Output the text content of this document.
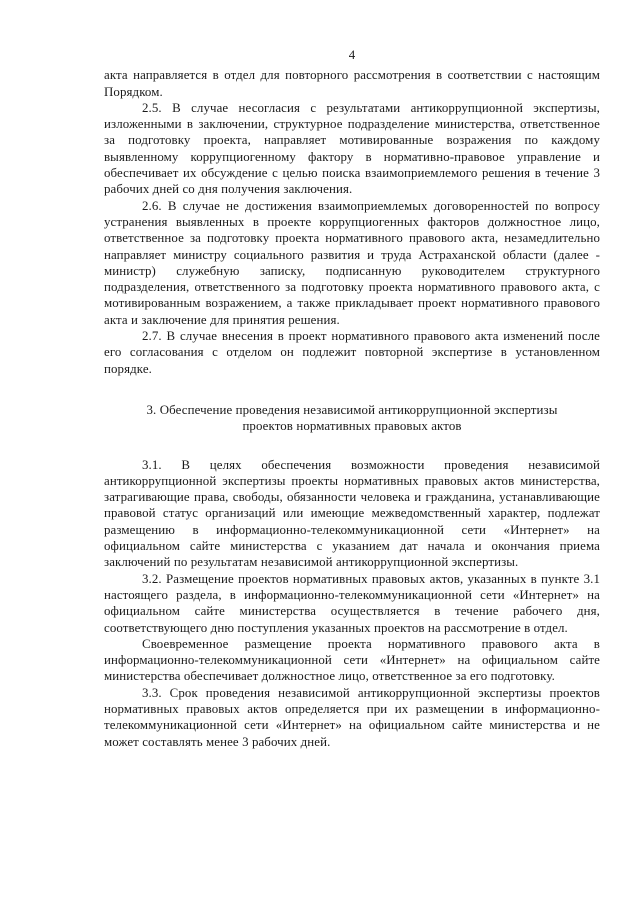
4

акта направляется в отдел для повторного рассмотрения в соответствии с настоящим Порядком.

2.5. В случае несогласия с результатами антикоррупционной экспертизы, изложенными в заключении, структурное подразделение министерства, ответственное за подготовку проекта, направляет мотивированные возражения по каждому выявленному коррупциогенному фактору в нормативно-правовое управление и обеспечивает их обсуждение с целью поиска взаимоприемлемого решения в течение 3 рабочих дней со дня получения заключения.

2.6. В случае не достижения взаимоприемлемых договоренностей по вопросу устранения выявленных в проекте коррупциогенных факторов должностное лицо, ответственное за подготовку проекта нормативного правового акта, незамедлительно направляет министру социального развития и труда Астраханской области (далее - министр) служебную записку, подписанную руководителем структурного подразделения, ответственного за подготовку проекта нормативного правового акта, с мотивированным возражением, а также прикладывает проект нормативного правового акта и заключение для принятия решения.

2.7. В случае внесения в проект нормативного правового акта изменений после его согласования с отделом он подлежит повторной экспертизе в установленном порядке.

3. Обеспечение проведения независимой антикоррупционной экспертизы
проектов нормативных правовых актов

3.1. В целях обеспечения возможности проведения независимой антикоррупционной экспертизы проекты нормативных правовых актов министерства, затрагивающие права, свободы, обязанности человека и гражданина, устанавливающие правовой статус организаций или имеющие межведомственный характер, подлежат размещению в информационно-телекоммуникационной сети «Интернет» на официальном сайте министерства с указанием дат начала и окончания приема заключений по результатам независимой антикоррупционной экспертизы.

3.2. Размещение проектов нормативных правовых актов, указанных в пункте 3.1 настоящего раздела, в информационно-телекоммуникационной сети «Интернет» на официальном сайте министерства осуществляется в течение рабочего дня, соответствующего дню поступления указанных проектов на рассмотрение в отдел.

Своевременное размещение проекта нормативного правового акта в информационно-телекоммуникационной сети «Интернет» на официальном сайте министерства обеспечивает должностное лицо, ответственное за его подготовку.

3.3. Срок проведения независимой антикоррупционной экспертизы проектов нормативных правовых актов определяется при их размещении в информационно-телекоммуникационной сети «Интернет» на официальном сайте министерства и не может составлять менее 3 рабочих дней.
